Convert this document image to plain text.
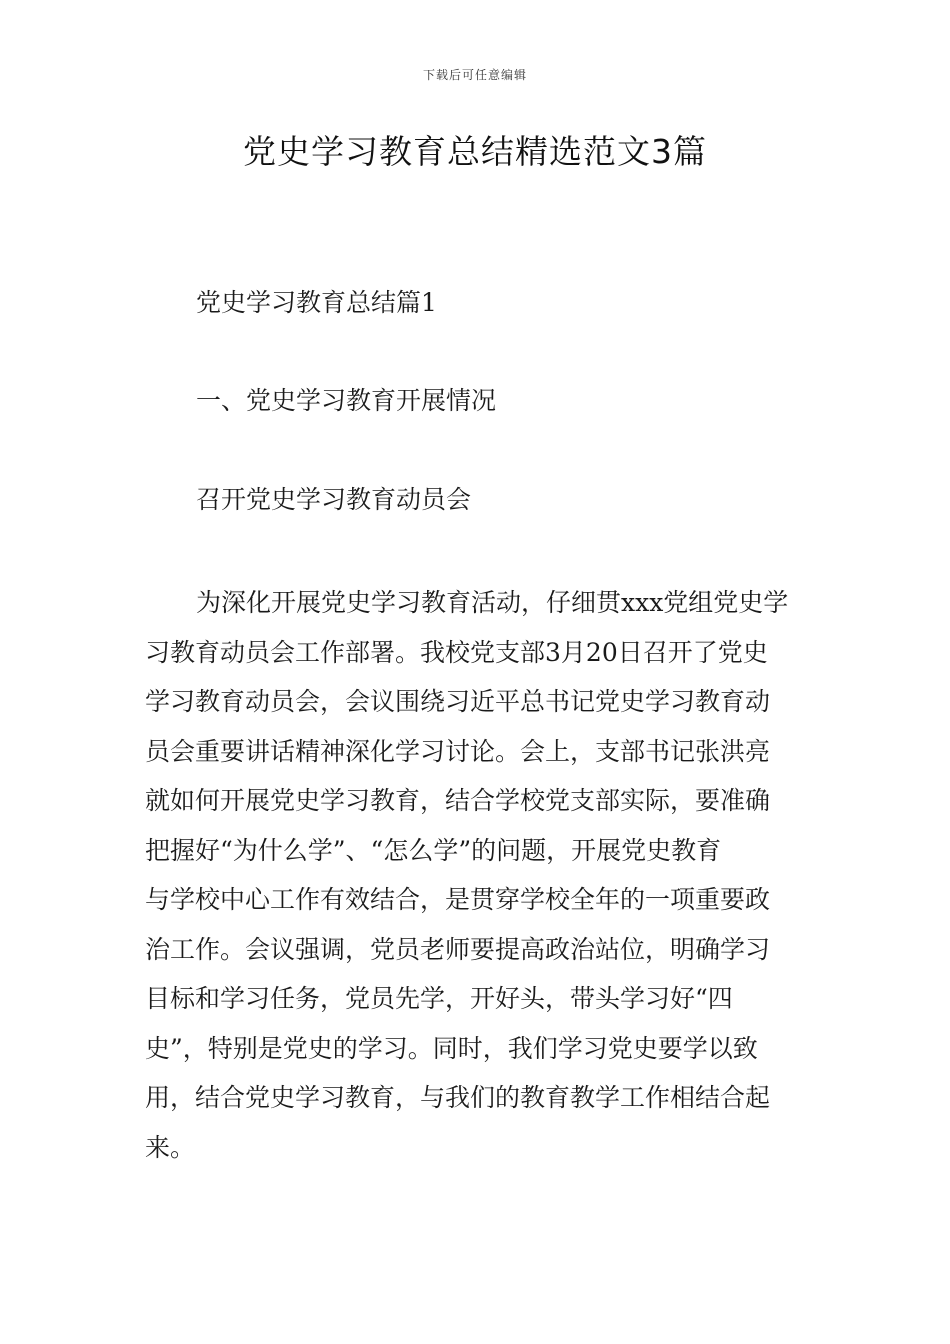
下载后可任意编辑
党史学习教育总结精选范文3篇
党史学习教育总结篇1
一、党史学习教育开展情况
召开党史学习教育动员会
为深化开展党史学习教育活动，仔细贯xxx党组党史学
习教育动员会工作部署。我校党支部3月20日召开了党史
学习教育动员会，会议围绕习近平总书记党史学习教育动
员会重要讲话精神深化学习讨论。会上，支部书记张洪亮
就如何开展党史学习教育，结合学校党支部实际，要准确
把握好“为什么学”、“怎么学”的问题，开展党史教育
与学校中心工作有效结合，是贯穿学校全年的一项重要政
治工作。会议强调，党员老师要提高政治站位，明确学习
目标和学习任务，党员先学，开好头，带头学习好“四
史”，特别是党史的学习。同时，我们学习党史要学以致
用，结合党史学习教育，与我们的教育教学工作相结合起
来。
